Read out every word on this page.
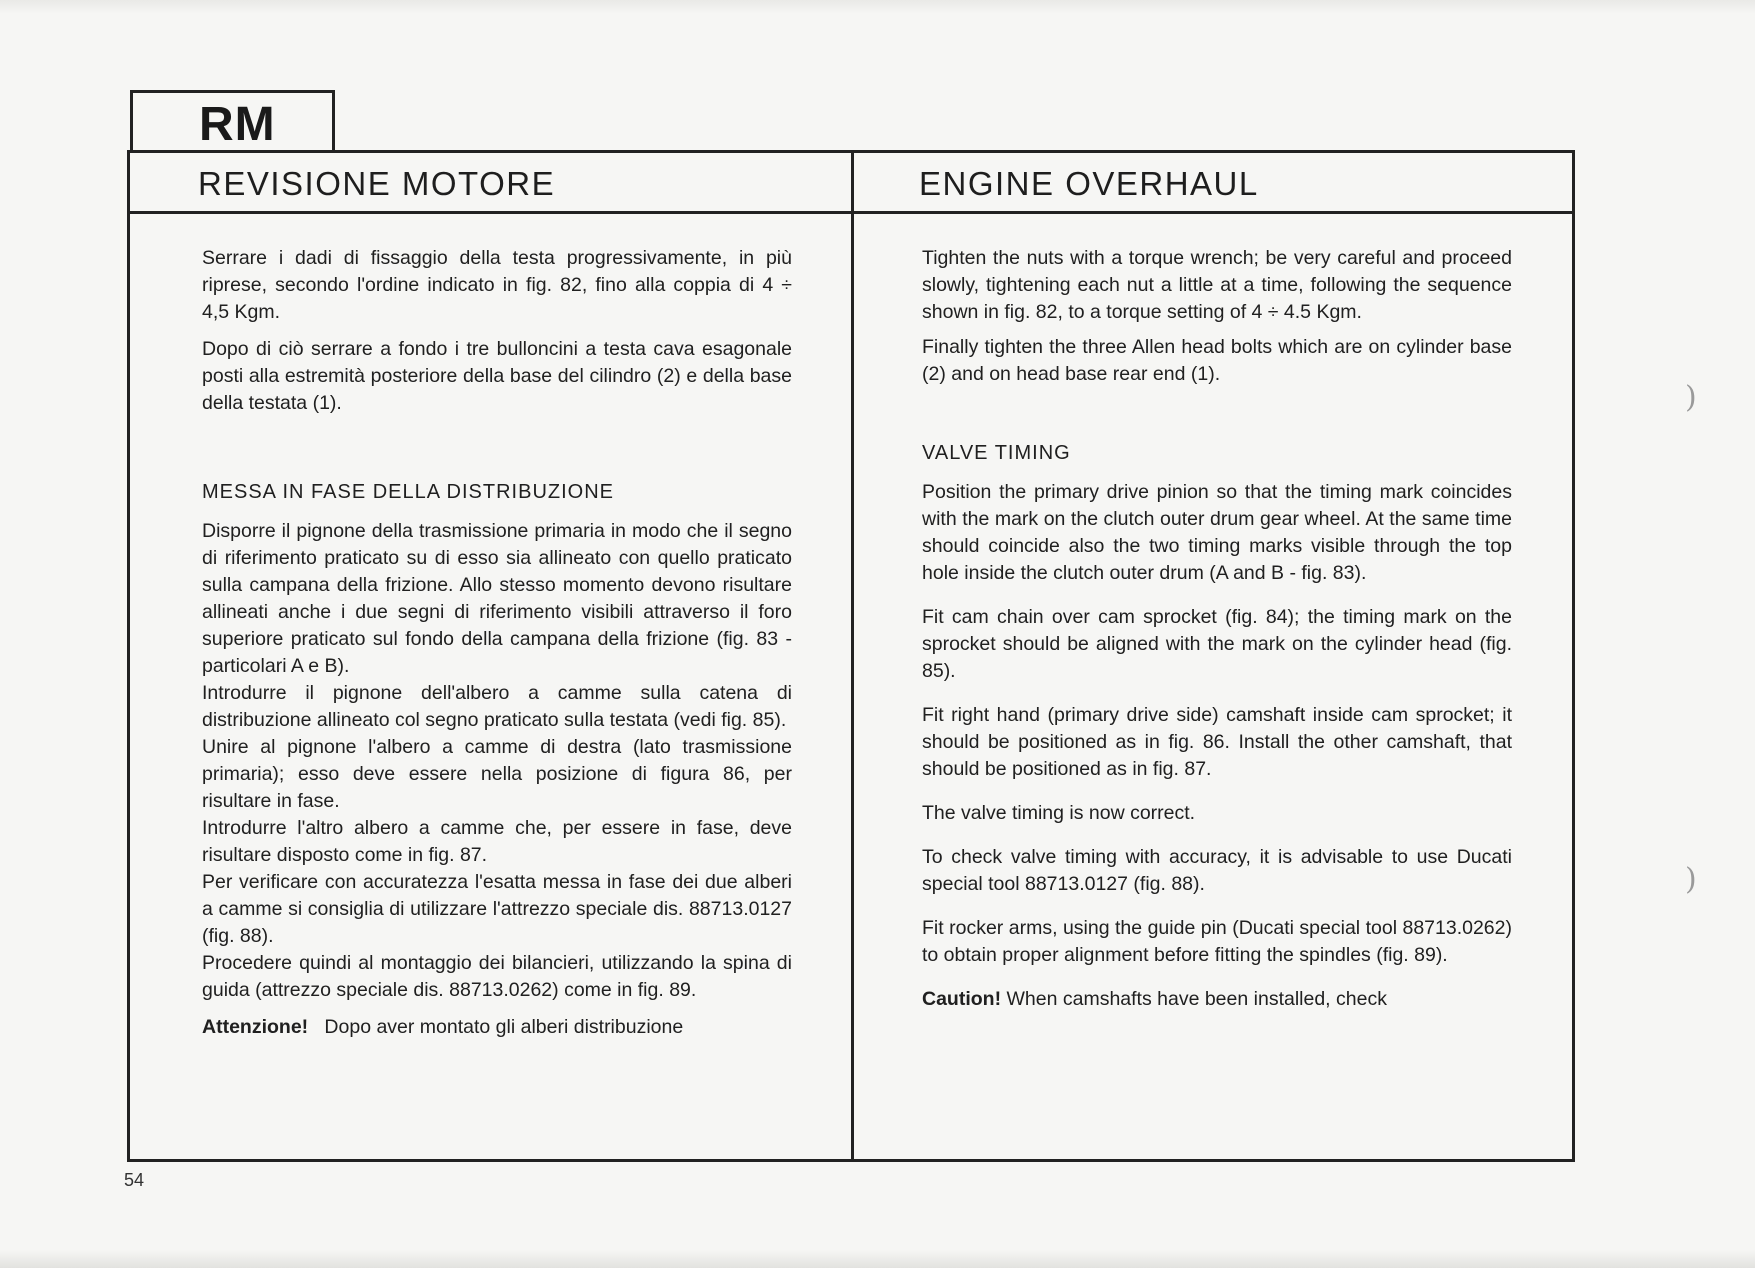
RM
REVISIONE MOTORE	ENGINE OVERHAUL

Serrare i dadi di fissaggio della testa progressivamente, in più riprese, secondo l'ordine indicato in fig. 82, fino alla coppia di 4 ÷ 4,5 Kgm.

Dopo di ciò serrare a fondo i tre bulloncini a testa cava esagonale posti alla estremità posteriore della base del cilindro (2) e della base della testata (1).

MESSA IN FASE DELLA DISTRIBUZIONE

Disporre il pignone della trasmissione primaria in modo che il segno di riferimento praticato su di esso sia allineato con quello praticato sulla campana della frizione. Allo stesso momento devono risultare allineati anche i due segni di riferimento visibili attraverso il foro superiore praticato sul fondo della campana della frizione (fig. 83 - particolari A e B).

Introdurre il pignone dell'albero a camme sulla catena di distribuzione allineato col segno praticato sulla testata (vedi fig. 85).

Unire al pignone l'albero a camme di destra (lato trasmissione primaria); esso deve essere nella posizione di figura 86, per risultare in fase.

Introdurre l'altro albero a camme che, per essere in fase, deve risultare disposto come in fig. 87.

Per verificare con accuratezza l'esatta messa in fase dei due alberi a camme si consiglia di utilizzare l'attrezzo speciale dis. 88713.0127 (fig. 88).

Procedere quindi al montaggio dei bilancieri, utilizzando la spina di guida (attrezzo speciale dis. 88713.0262) come in fig. 89.

Attenzione! Dopo aver montato gli alberi distribuzione

Tighten the nuts with a torque wrench; be very careful and proceed slowly, tightening each nut a little at a time, following the sequence shown in fig. 82, to a torque setting of 4 ÷ 4.5 Kgm.

Finally tighten the three Allen head bolts which are on cylinder base (2) and on head base rear end (1).

VALVE TIMING

Position the primary drive pinion so that the timing mark coincides with the mark on the clutch outer drum gear wheel. At the same time should coincide also the two timing marks visible through the top hole inside the clutch outer drum (A and B - fig. 83).

Fit cam chain over cam sprocket (fig. 84); the timing mark on the sprocket should be aligned with the mark on the cylinder head (fig. 85).

Fit right hand (primary drive side) camshaft inside cam sprocket; it should be positioned as in fig. 86. Install the other camshaft, that should be positioned as in fig. 87.

The valve timing is now correct.

To check valve timing with accuracy, it is advisable to use Ducati special tool 88713.0127 (fig. 88).

Fit rocker arms, using the guide pin (Ducati special tool 88713.0262) to obtain proper alignment before fitting the spindles (fig. 89).

Caution! When camshafts have been installed, check

54
)
)
